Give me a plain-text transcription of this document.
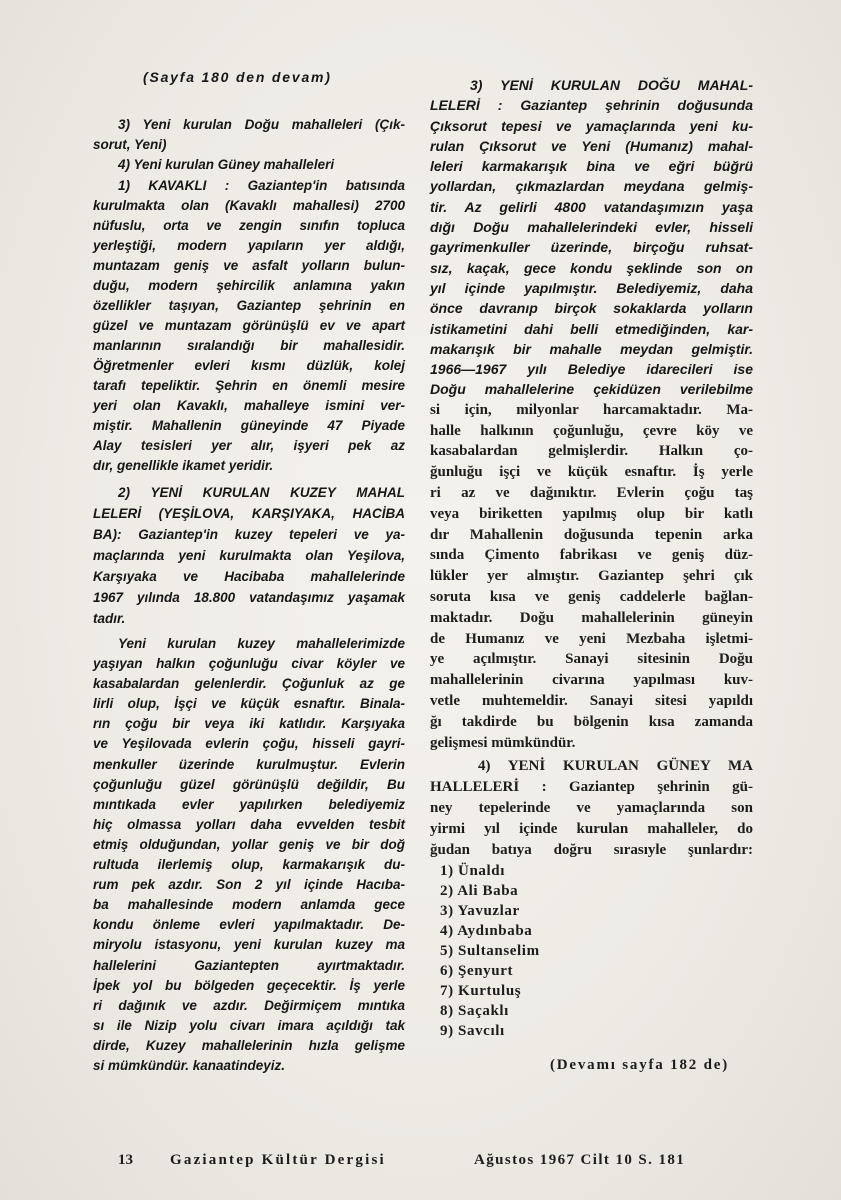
(Sayfa 180 den devam)
3) Yeni kurulan Doğu mahalleleri (Çık-
sorut, Yeni)
4) Yeni kurulan Güney mahalleleri
1) KAVAKLI : Gaziantep'in batısında
kurulmakta olan (Kavaklı mahallesi) 2700
nüfuslu, orta ve zengin sınıfın topluca
yerleştiği, modern yapıların yer aldığı,
muntazam geniş ve asfalt yolların bulun-
duğu, modern şehircilik anlamına yakın
özellikler taşıyan, Gaziantep şehrinin en
güzel ve muntazam görünüşlü ev ve apart
manlarının sıralandığı bir mahallesidir.
Öğretmenler evleri kısmı düzlük, kolej
tarafı tepeliktir. Şehrin en önemli mesire
yeri olan Kavaklı, mahalleye ismini ver-
miştir. Mahallenin güneyinde 47 Piyade
Alay tesisleri yer alır, işyeri pek az
dır, genellikle ikamet yeridir.
2) YENİ KURULAN KUZEY MAHAL
LELERİ (YEŞİLOVA, KARŞIYAKA, HACİBA
BA): Gaziantep'in kuzey tepeleri ve ya-
maçlarında yeni kurulmakta olan Yeşilova,
Karşıyaka ve Hacibaba mahallelerinde
1967 yılında 18.800 vatandaşımız yaşamak
tadır.
Yeni kurulan kuzey mahallelerimizde
yaşıyan halkın çoğunluğu civar köyler ve
kasabalardan gelenlerdir. Çoğunluk az ge
lirli olup, İşçi ve küçük esnaftır. Binala-
rın çoğu bir veya iki katlıdır. Karşıyaka
ve Yeşilovada evlerin çoğu, hisseli gayri-
menkuller üzerinde kurulmuştur. Evlerin
çoğunluğu güzel görünüşlü değildir, Bu
mıntıkada evler yapılırken belediyemiz
hiç olmassa yolları daha evvelden tesbit
etmiş olduğundan, yollar geniş ve bir doğ
rultuda ilerlemiş olup, karmakarışık du-
rum pek azdır. Son 2 yıl içinde Hacıba-
ba mahallesinde modern anlamda gece
kondu önleme evleri yapılmaktadır. De-
miryolu istasyonu, yeni kurulan kuzey ma
hallelerini Gaziantepten ayırtmaktadır.
İpek yol bu bölgeden geçecektir. İş yerle
ri dağınık ve azdır. Değirmiçem mıntıka
sı ile Nizip yolu civarı imara açıldığı tak
dirde, Kuzey mahallelerinin hızla gelişme
si mümkündür. kanaatindeyiz.
3) YENİ KURULAN DOĞU MAHAL-
LELERİ : Gaziantep şehrinin doğusunda
Çıksorut tepesi ve yamaçlarında yeni ku-
rulan Çıksorut ve Yeni (Humanız) mahal-
leleri karmakarışık bina ve eğri büğrü
yollardan, çıkmazlardan meydana gelmiş-
tir. Az gelirli 4800 vatandaşımızın yaşa
dığı Doğu mahallelerindeki evler, hisseli
gayrimenkuller üzerinde, birçoğu ruhsat-
sız, kaçak, gece kondu şeklinde son on
yıl içinde yapılmıştır. Belediyemiz, daha
önce davranıp birçok sokaklarda yolların
istikametini dahi belli etmediğinden, kar-
makarışık bir mahalle meydan gelmiştir.
1966—1967 yılı Belediye idarecileri ise
Doğu mahallelerine çekidüzen verilebilme
si için, milyonlar harcamaktadır. Ma-
halle halkının çoğunluğu, çevre köy ve
kasabalardan gelmişlerdir. Halkın ço-
ğunluğu işçi ve küçük esnaftır. İş yerle
ri az ve dağınıktır. Evlerin çoğu taş
veya biriketten yapılmış olup bir katlı
dır Mahallenin doğusunda tepenin arka
sında Çimento fabrikası ve geniş düz-
lükler yer almıştır. Gaziantep şehri çık
soruta kısa ve geniş caddelerle bağlan-
maktadır. Doğu mahallelerinin güneyin
de Humanız ve yeni Mezbaha işletmi-
ye açılmıştır. Sanayi sitesinin Doğu
mahallelerinin civarına yapılması kuv-
vetle muhtemeldir. Sanayi sitesi yapıldı
ğı takdirde bu bölgenin kısa zamanda
gelişmesi mümkündür.
4) YENİ KURULAN GÜNEY MA
HALLELERİ : Gaziantep şehrinin gü-
ney tepelerinde ve yamaçlarında son
yirmi yıl içinde kurulan mahalleler, do
ğudan batıya doğru sırasıyle şunlardır:
1) Ünaldı
2) Ali Baba
3) Yavuzlar
4) Aydınbaba
5) Sultanselim
6) Şenyurt
7) Kurtuluş
8) Saçaklı
9) Savcılı
(Devamı sayfa 182 de)
13 Gaziantep Kültür Dergisi	Ağustos 1967 Cilt 10 S. 181
